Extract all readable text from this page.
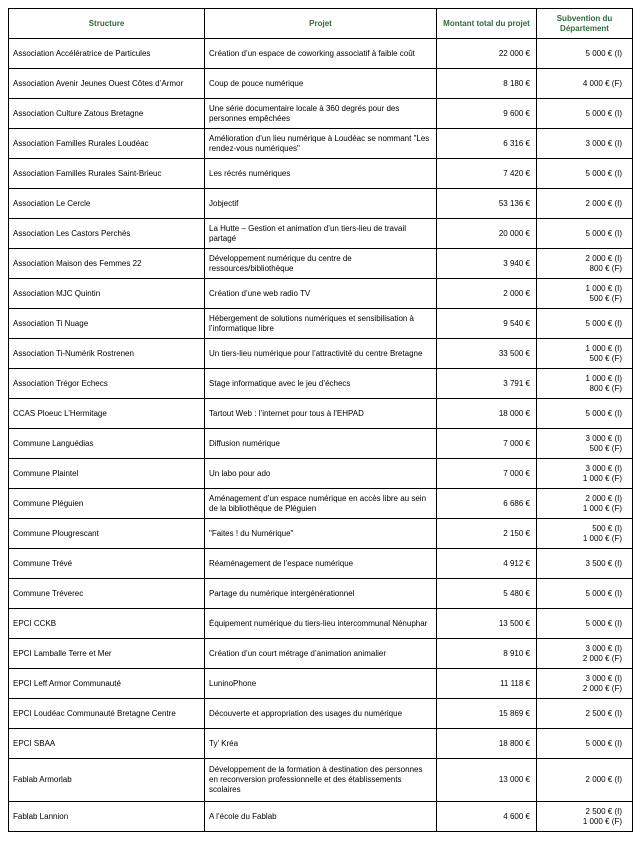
Structure	Projet	Montant total du projet	Subvention du Département
Association Accélératrice de Particules	Création d’un espace de coworking associatif à faible coût	22 000 €	5 000 € (I)

Association Avenir Jeunes Ouest Côtes d’Armor	Coup de pouce numérique	8 180 €	4 000 € (F)

Association Culture Zatous Bretagne	Une série documentaire locale à 360 degrés pour des personnes empêchées	9 600 €	5 000 € (I)

Association Familles Rurales Loudéac	Amélioration d’un lieu numérique à Loudéac se nommant "Les rendez-vous numériques"	6 316 €	3 000 € (I)

Association Familles Rurales Saint-Brieuc	Les récrés numériques	7 420 €	5 000 € (I)

Association Le Cercle	Jobjectif	53 136 €	2 000 € (I)

Association Les Castors Perchés	La Hutte – Gestion et animation d’un tiers-lieu de travail partagé	20 000 €	5 000 € (I)

Association Maison des Femmes 22	Développement numérique du centre de ressources/bibliothèque	3 940 €	2 000 € (I)
800 € (F)

Association MJC Quintin	Création d’une web radio TV	2 000 €	1 000 € (I)
500 € (F)

Association Ti Nuage	Hébergement de solutions numériques et sensibilisation à l’informatique libre	9 540 €	5 000 € (I)

Association Ti-Numérik Rostrenen	Un tiers-lieu numérique pour l’attractivité du centre Bretagne	33 500 €	1 000 € (I)
500 € (F)

Association Trégor Echecs	Stage informatique avec le jeu d’échecs	3 791 €	1 000 € (I)
800 € (F)

CCAS Ploeuc L’Hermitage	Tartout Web : l’internet pour tous à l’EHPAD	18 000 €	5 000 € (I)

Commune Languédias	Diffusion numérique	7 000 €	3 000 € (I)
500 € (F)

Commune Plaintel	Un labo pour ado	7 000 €	3 000 € (I)
1 000 € (F)

Commune Pléguien	Aménagement d’un espace numérique en accès libre au sein de la bibliothèque de Pléguien	6 686 €	2 000 € (I)
1 000 € (F)

Commune Plougrescant	"Faites ! du Numérique"	2 150 €	500 € (I)
1 000 € (F)

Commune Trévé	Réaménagement de l’espace numérique	4 912 €	3 500 € (I)

Commune Tréverec	Partage du numérique intergénérationnel	5 480 €	5 000 € (I)

EPCI CCKB	Équipement numérique du tiers-lieu intercommunal Nénuphar	13 500 €	5 000 € (I)

EPCI Lamballe Terre et Mer	Création d’un court métrage d’animation animalier	8 910 €	3 000 € (I)
2 000 € (F)

EPCI Leff Armor Communauté	LuninoPhone	11 118 €	3 000 € (I)
2 000 € (F)

EPCI Loudéac Communauté Bretagne Centre	Découverte et appropriation des usages du numérique	15 869 €	2 500 € (I)

EPCI SBAA	Ty’ Kréa	18 800 €	5 000 € (I)

Fablab Armorlab	Développement de la formation à destination des personnes en reconversion professionnelle et des établissements scolaires	13 000 €	2 000 € (I)

Fablab Lannion	A l’école du Fablab	4 600 €	2 500 € (I)
1 000 € (F)
